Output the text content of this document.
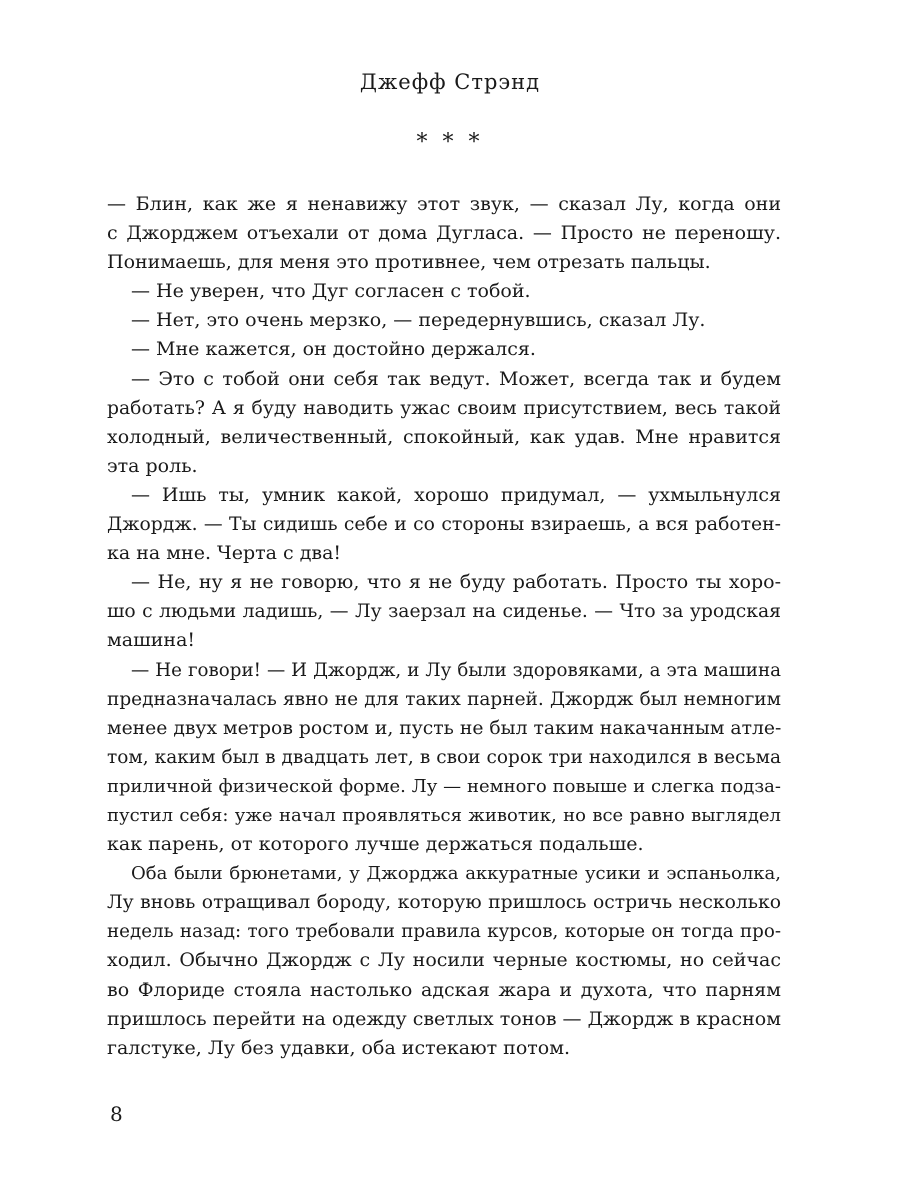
Джефф Стрэнд
* * *
— Блин, как же я ненавижу этот звук, — сказал Лу, когда они
с Джорджем отъехали от дома Дугласа. — Просто не переношу.
Понимаешь, для меня это противнее, чем отрезать пальцы.
— Не уверен, что Дуг согласен с тобой.
— Нет, это очень мерзко, — передернувшись, сказал Лу.
— Мне кажется, он достойно держался.
— Это с тобой они себя так ведут. Может, всегда так и будем
работать? А я буду наводить ужас своим присутствием, весь такой
холодный, величественный, спокойный, как удав. Мне нравится
эта роль.
— Ишь ты, умник какой, хорошо придумал, — ухмыльнулся
Джордж. — Ты сидишь себе и со стороны взираешь, а вся работен-
ка на мне. Черта с два!
— Не, ну я не говорю, что я не буду работать. Просто ты хоро-
шо с людьми ладишь, — Лу заерзал на сиденье. — Что за уродская
машина!
— Не говори! — И Джордж, и Лу были здоровяками, а эта машина
предназначалась явно не для таких парней. Джордж был немногим
менее двух метров ростом и, пусть не был таким накачанным атле-
том, каким был в двадцать лет, в свои сорок три находился в весьма
приличной физической форме. Лу — немного повыше и слегка подза-
пустил себя: уже начал проявляться животик, но все равно выглядел
как парень, от которого лучше держаться подальше.
Оба были брюнетами, у Джорджа аккуратные усики и эспаньолка,
Лу вновь отращивал бороду, которую пришлось остричь несколько
недель назад: того требовали правила курсов, которые он тогда про-
ходил. Обычно Джордж с Лу носили черные костюмы, но сейчас
во Флориде стояла настолько адская жара и духота, что парням
пришлось перейти на одежду светлых тонов — Джордж в красном
галстуке, Лу без удавки, оба истекают потом.
8
